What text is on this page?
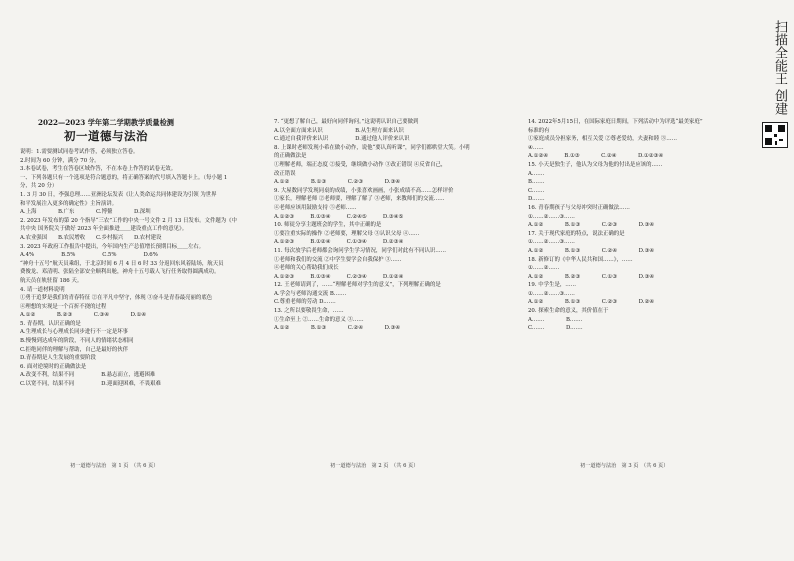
扫描全能王 创建
2022—2023 学年第二学期教学质量检测
初一道德与法治

说明：1.需要测试同卷考试作答，必须独立答卷。

2.时间为 60 分钟，满分 70 分。

3.本卷试卷，考生在答卷区域作答，不在本卷上作答的试卷无效。

一、下列各题只有一个选项是符合题意的，将正确答案的代号填入答题卡上。（每小题 1

分，共 20 分）

1. 3 月 30 日，李强总理……亚洲论坛发表《让人类命运共同体建设为引领 为世界

和平发展注入更多的确定性》主旨演讲。

A.上海　　　　B.广东　　　　C.博鳌　　　　D.深圳

2. 2023 年发布的第 20 个指导“三农”工作的中央一号文件 2 月 13 日发布。文件题为《中

共中央 国务院关于做好 2023 年全面推进＿＿建设重点工作的意见》。

A.农业强国　　B.农民增收　　C.乡村振兴　　D.农村建设

3. 2023 年政府工作报告中提出，今年国内生产总值增长预期目标＿＿左右。

A.4%　　　　　B.5%　　　　　C.5%　　　　　D.6%

“神舟十五号”航天员乘组，于北京时间 6 月 4 日 6 时 33 分返回东风着陆场，航天员

费俊龙、邓清明、张陆全部安全顺利出舱，神舟十五号载人飞行任务取得圆满成功。

航天员在轨驻留 186 天。

4. 请一道材料说明

①勇于追梦是我们的青春特征 ②在平凡中坚守，体现 ③奋斗是青春最亮丽的底色

④理想的实现是一个百折不挠的过程

A.①②　　　　B.②③　　　　C.③④　　　　D.①④

5. 青春期，认识正确的是

A.生理成长与心理成长同步进行不一定是坏事

B.慢慢到达成年的阶段，不同人的情绪状态相同

C.拒绝同伴的理解与帮助，自己是最好的伙伴

D.青春期是人生发展的重要阶段

6. 面对逆境时的正确做法是

A.改变不利，结果不同　　　　　B.悬志而立，逃避困难

C.以宽不同，结果不同　　　　　D.迎面迎困难，不畏艰难

7. “更想了解自己，最好向同伴询问。”这说明认识自己要做到

A.以全面方面来认识　　　　　　B.从生理方面来认识

C.通过自我评价来认识　　　　　D.通过他人评价来认识

8. 上课时老师发现小希在做小动作，说他“要认真听课”，同学们都哄堂大笑。小明

的正确做法是

①理解老师，端正态度 ②接受，继续做小动作 ③改正错误 ④反省自己，

改正错误

A.①②　　　　B.①③　　　　C.②③　　　　D.③④

9. 大屋数同学发现同桌的成绩，小张喜欢画画，小张成绩不高……怎样评价

①家长，理解老师 ②老师要，理解了解了 ③老师，来教师们的交流……

④老师应该用鼓励支持 ⑤老师……

A.①②③　　　B.①③④　　　C.②④⑤　　　D.③④⑤

10. 师徒分享主题班会的学生，其中正确的是

①要注重实际的操作 ②老师要，理解父母 ③认识父母 ④……

A.①②③　　　B.①②④　　　C.①③④　　　D.②③④

11. 每次放学后老师都会询问学生学习情况，同学们对此有不同认识……

①老师和我们的交流 ②中学生要学会自我保护 ③……

④老师的关心帮助我们成长

A.①②③　　　B.①③④　　　C.②③④　　　D.①②④

12. 王老师请到了，……“理解老师对学生的意义”，下列理解正确的是

A.学会与老师沟通交流 B.……

C.尊重老师的劳动 D.……

13. 之所以要敬畏生命，……

①生命至上 ②……生命的意义 ③……

A.①②　　　　B.①③　　　　C.②④　　　　D.③④

14. 2022年5月15日，在国际家庭日期间，下列活动中为评选“最美家庭”

标准的有

①家庭成员分担家务，相互关爱 ②尊老爱幼，夫妻和睦 ③……

④……

A.①②④　　　B.①③　　　　C.②④　　　　D.①②③④

15. 小天是独生子，他认为父母为他的付出是应该的……

A.……

B.……

C.……

D.……

16. 青春期孩子与父母冲突时正确做法……

①……②……③……

A.①②　　　　B.①③　　　　C.②③　　　　D.③④

17. 关于现代家庭的特点，说法正确的是

①……②……③……

A.①②　　　　B.①③　　　　C.②④　　　　D.③④

18. 新修订的《中华人民共和国……》，……

①……②……

A.①②　　　　B.②③　　　　C.①③　　　　D.③④

19. 中学生是，……

①……②……③……

A.①②　　　　B.①③　　　　C.②③　　　　D.②④

20. 探索生命的意义，其价值在于

A.……　　　　B.……

C.……　　　　D.……

初一道德与法治　第 1 页　（共 6 页）	初一道德与法治　第 2 页　（共 6 页）	初一道德与法治　第 3 页　（共 6 页）
